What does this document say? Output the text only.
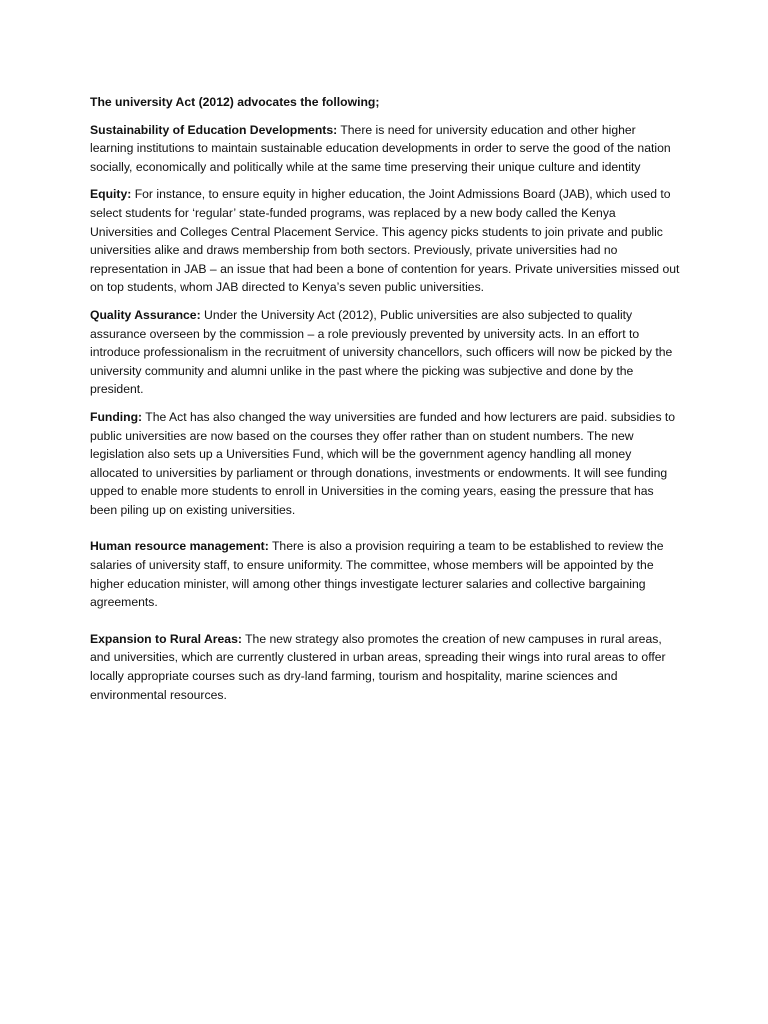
The university Act (2012) advocates the following;

Sustainability of Education Developments: There is need for university education and other higher learning institutions to maintain sustainable education developments in order to serve the good of the nation socially, economically and politically while at the same time preserving their unique culture and identity

Equity: For instance, to ensure equity in higher education, the Joint Admissions Board (JAB), which used to select students for ‘regular’ state-funded programs, was replaced by a new body called the Kenya Universities and Colleges Central Placement Service. This agency picks students to join private and public universities alike and draws membership from both sectors. Previously, private universities had no representation in JAB – an issue that had been a bone of contention for years. Private universities missed out on top students, whom JAB directed to Kenya’s seven public universities.

Quality Assurance: Under the University Act (2012), Public universities are also subjected to quality assurance overseen by the commission – a role previously prevented by university acts. In an effort to introduce professionalism in the recruitment of university chancellors, such officers will now be picked by the university community and alumni unlike in the past where the picking was subjective and done by the president.

Funding: The Act has also changed the way universities are funded and how lecturers are paid. subsidies to public universities are now based on the courses they offer rather than on student numbers. The new legislation also sets up a Universities Fund, which will be the government agency handling all money allocated to universities by parliament or through donations, investments or endowments. It will see funding upped to enable more students to enroll in Universities in the coming years, easing the pressure that has been piling up on existing universities.

Human resource management: There is also a provision requiring a team to be established to review the salaries of university staff, to ensure uniformity. The committee, whose members will be appointed by the higher education minister, will among other things investigate lecturer salaries and collective bargaining agreements.

Expansion to Rural Areas: The new strategy also promotes the creation of new campuses in rural areas, and universities, which are currently clustered in urban areas, spreading their wings into rural areas to offer locally appropriate courses such as dry-land farming, tourism and hospitality, marine sciences and environmental resources.
